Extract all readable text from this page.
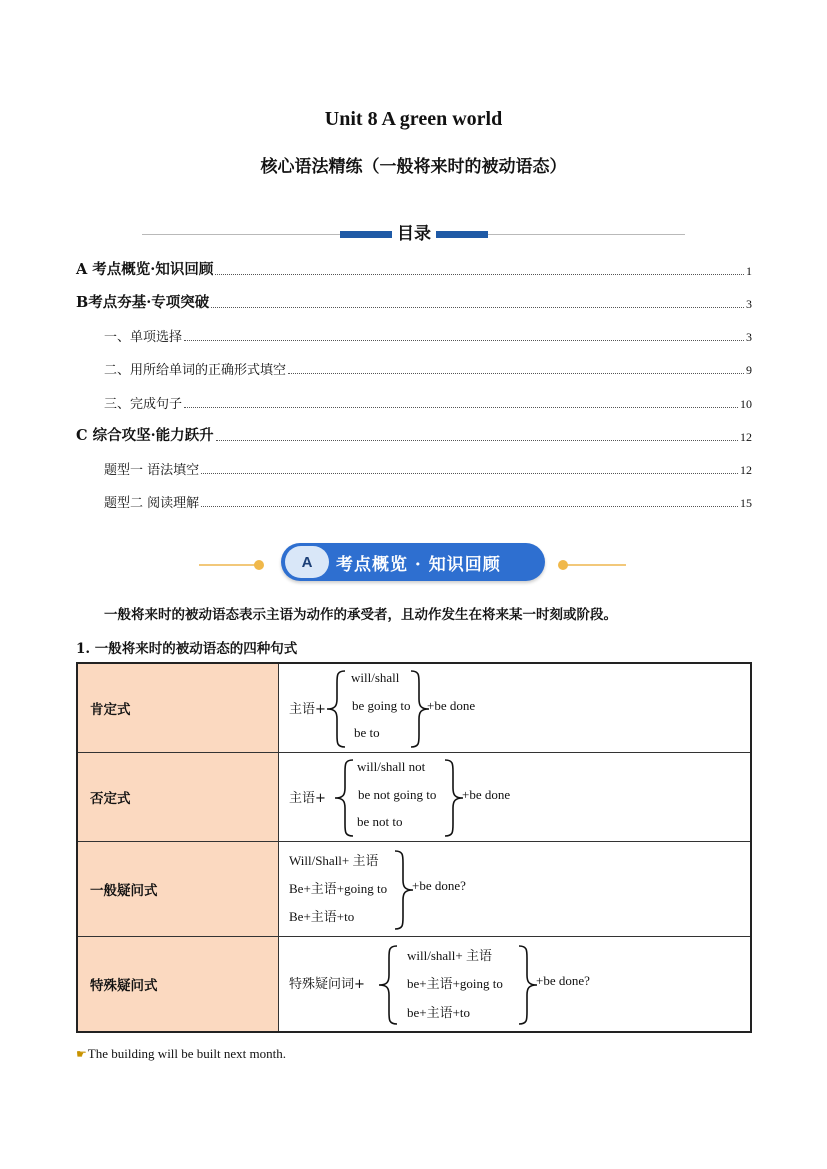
Unit 8 A green world
核心语法精练（一般将来时的被动语态）
目录
A 考点概览·知识回顾	1
B考点夯基·专项突破	3
一、单项选择	3
二、用所给单词的正确形式填空	9
三、完成句子	10
C 综合攻坚·能力跃升	12
题型一 语法填空	12
题型二 阅读理解	15
A	考点概览 · 知识回顾
一般将来时的被动语态表示主语为动作的承受者，且动作发生在将来某一时刻或阶段。
1. 一般将来时的被动语态的四种句式
肯定式	主语+
will/shall
be going to
be to
+be done

否定式	主语+
will/shall not
be not going to
be not to
+be done

一般疑问式	Will/Shall+ 主语
Be+主语+going to
Be+主语+to
+be done?

特殊疑问式	特殊疑问词+
will/shall+ 主语
be+主语+going to
be+主语+to
+be done?
☛The building will be built next month.
